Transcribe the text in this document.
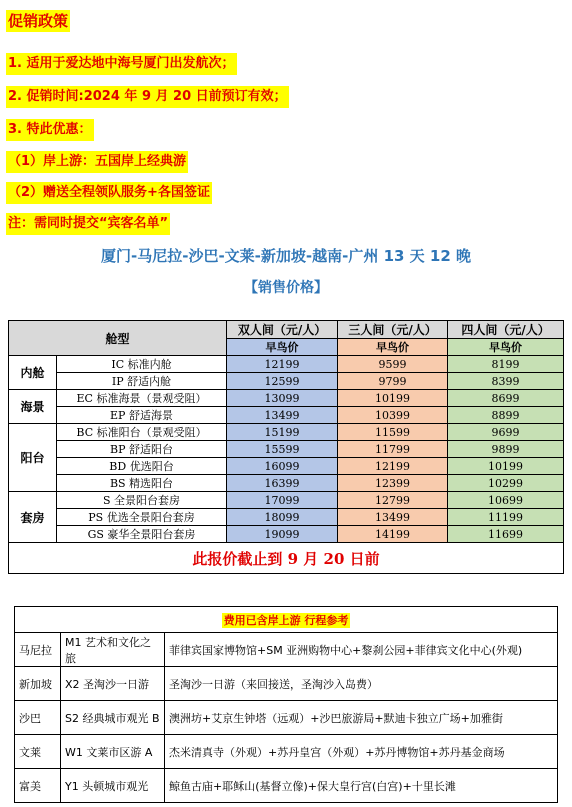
促销政策
1. 适用于爱达地中海号厦门出发航次；
2. 促销时间:2024 年 9 月 20 日前预订有效；
3. 特此优惠：
（1）岸上游：五国岸上经典游
（2）赠送全程领队服务+各国签证
注：需同时提交“宾客名单”
厦门-马尼拉-沙巴-文莱-新加坡-越南-广州 13 天 12 晚
【销售价格】
舱型		双人间（元/人）	三人间（元/人）	四人间（元/人）
		早鸟价	早鸟价	早鸟价
内舱	IC 标准内舱	12199	9599	8199
	IP 舒适内舱	12599	9799	8399
海景	EC 标准海景（景观受阻）	13099	10199	8699
	EP 舒适海景	13499	10399	8899
阳台	BC 标准阳台（景观受阻）	15199	11599	9699
	BP 舒适阳台	15599	11799	9899
	BD 优选阳台	16099	12199	10199
	BS 精选阳台	16399	12399	10299
套房	S 全景阳台套房	17099	12799	10699
	PS 优选全景阳台套房	18099	13499	11199
	GS 豪华全景阳台套房	19099	14199	11699
此报价截止到 9 月 20 日前				
费用已含岸上游 行程参考		
马尼拉	M1 艺术和文化之旅	菲律宾国家博物馆+SM 亚洲购物中心+黎刹公园+菲律宾文化中心(外观)
新加坡	X2 圣淘沙一日游	圣淘沙一日游（来回接送，圣淘沙入岛费）
沙巴	S2 经典城市观光 B	澳洲坊+艾京生钟塔（远观）+沙巴旅游局+默迪卡独立广场+加雅街
文莱	W1 文莱市区游 A	杰米清真寺（外观）+苏丹皇宫（外观）+苏丹博物馆+苏丹基金商场
富美	Y1 头顿城市观光	鲸鱼古庙+耶稣山(基督立像)+保大皇行宫(白宫)+十里长滩
